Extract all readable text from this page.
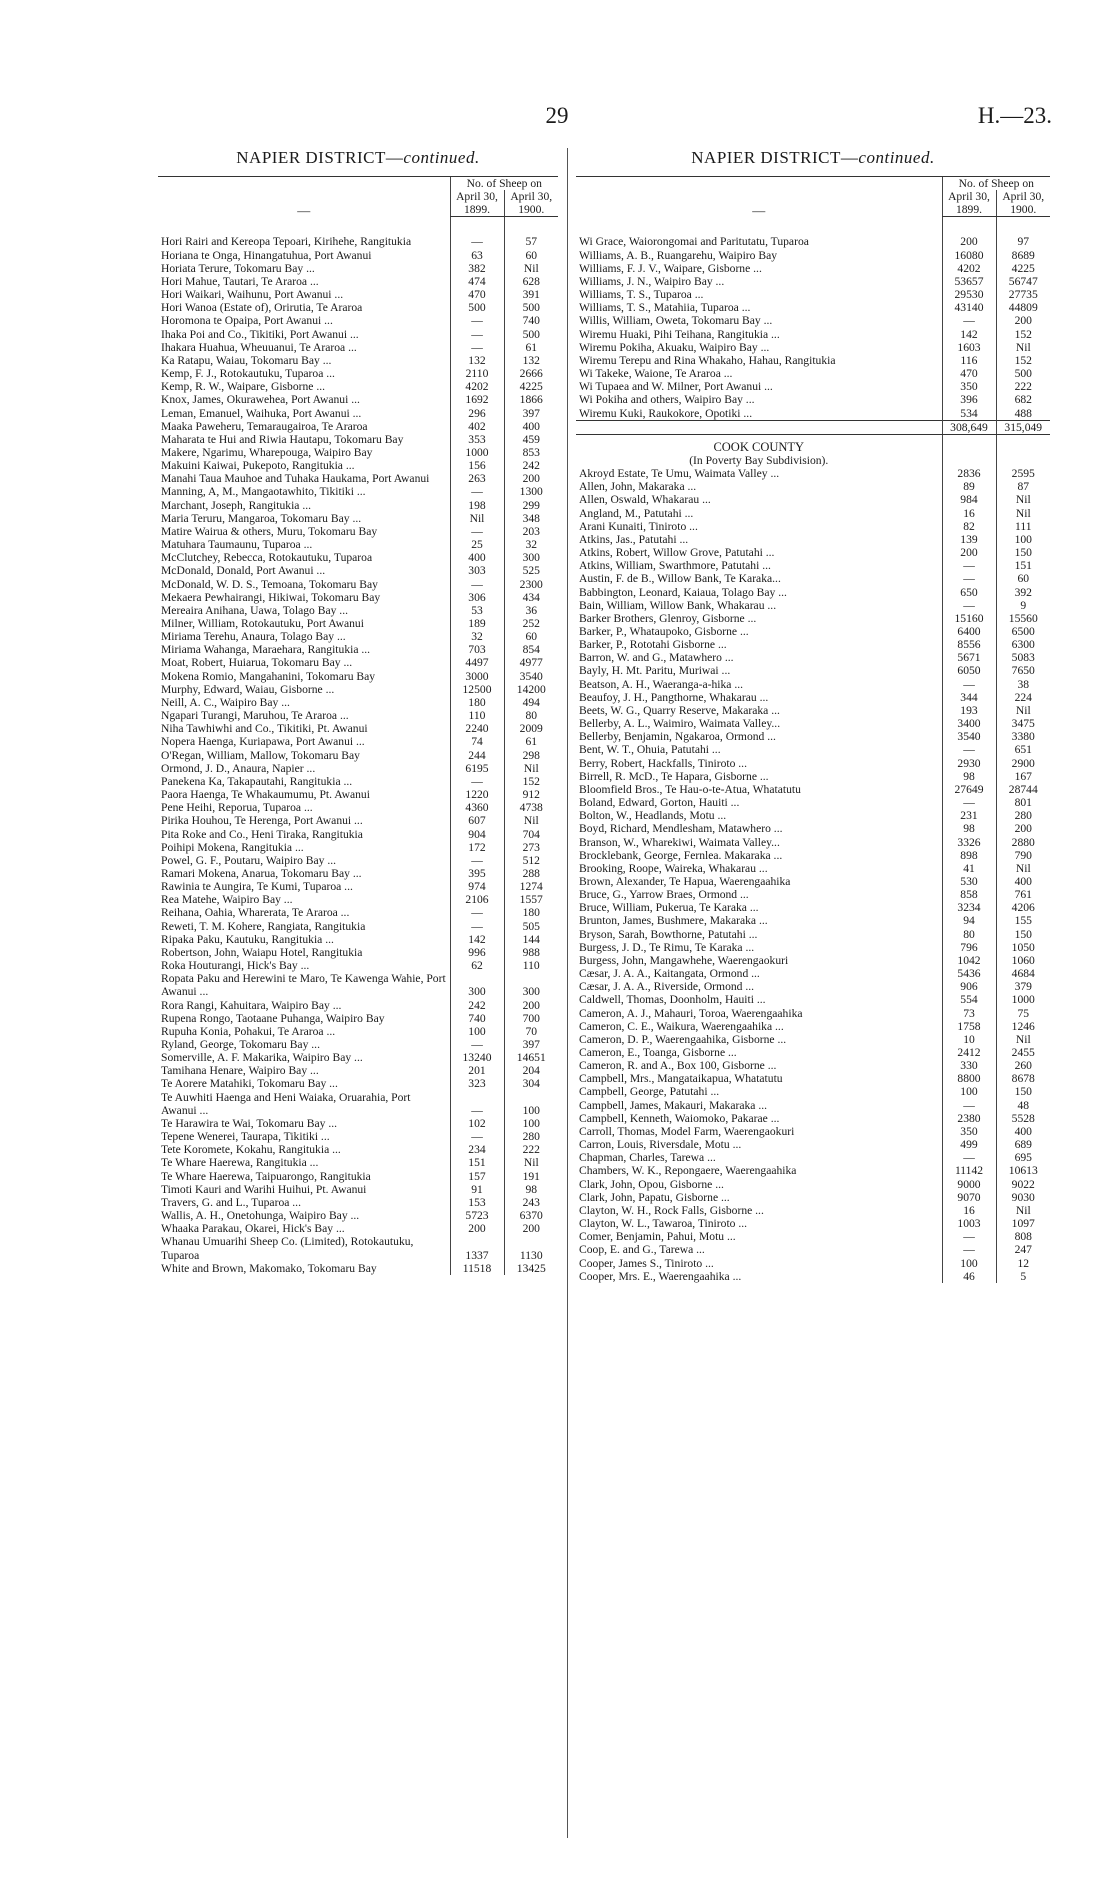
29	H.—23.
NAPIER DISTRICT—continued.
—	No. of Sheep on	
	April 30, 1899.	April 30, 1900.

Hori Rairi and Kereopa Tepoari, Kirihehe, Rangitukia	—	57
Horiana te Onga, Hinangatuhua, Port Awanui	63	60
Horiata Terure, Tokomaru Bay ...	382	Nil
Hori Mahue, Tautari, Te Araroa ...	474	628
Hori Waikari, Waihunu, Port Awanui ...	470	391
Hori Wanoa (Estate of), Orirutia, Te Araroa	500	500
Horomona te Opaipa, Port Awanui ...	—	740
Ihaka Poi and Co., Tikitiki, Port Awanui ...	—	500
Ihakara Huahua, Wheuuanui, Te Araroa ...	—	61
Ka Ratapu, Waiau, Tokomaru Bay ...	132	132
Kemp, F. J., Rotokautuku, Tuparoa ...	2110	2666
Kemp, R. W., Waipare, Gisborne ...	4202	4225
Knox, James, Okurawehea, Port Awanui ...	1692	1866
Leman, Emanuel, Waihuka, Port Awanui ...	296	397
Maaka Paweheru, Temaraugairoa, Te Araroa	402	400
Maharata te Hui and Riwia Hautapu, Tokomaru Bay	353	459
Makere, Ngarimu, Wharepouga, Waipiro Bay	1000	853
Makuini Kaiwai, Pukepoto, Rangitukia ...	156	242
Manahi Taua Mauhoe and Tuhaka Haukama, Port Awanui	263	200
Manning, A, M., Mangaotawhito, Tikitiki ...	—	1300
Marchant, Joseph, Rangitukia ...	198	299
Maria Teruru, Mangaroa, Tokomaru Bay ...	Nil	348
Matire Wairua & others, Muru, Tokomaru Bay	—	203
Matuhara Taumaunu, Tuparoa ...	25	32
McClutchey, Rebecca, Rotokautuku, Tuparoa	400	300
McDonald, Donald, Port Awanui ...	303	525
McDonald, W. D. S., Temoana, Tokomaru Bay	—	2300
Mekaera Pewhairangi, Hikiwai, Tokomaru Bay	306	434
Mereaira Anihana, Uawa, Tolago Bay ...	53	36
Milner, William, Rotokautuku, Port Awanui	189	252
Miriama Terehu, Anaura, Tolago Bay ...	32	60
Miriama Wahanga, Maraehara, Rangitukia ...	703	854
Moat, Robert, Huiarua, Tokomaru Bay ...	4497	4977
Mokena Romio, Mangahanini, Tokomaru Bay	3000	3540
Murphy, Edward, Waiau, Gisborne ...	12500	14200
Neill, A. C., Waipiro Bay ...	180	494
Ngapari Turangi, Maruhou, Te Araroa ...	110	80
Niha Tawhiwhi and Co., Tikitiki, Pt. Awanui	2240	2009
Nopera Haenga, Kuriapawa, Port Awanui ...	74	61
O'Regan, William, Mallow, Tokomaru Bay	244	298
Ormond, J. D., Anaura, Napier ...	6195	Nil
Panekena Ka, Takapautahi, Rangitukia ...	—	152
Paora Haenga, Te Whakaumumu, Pt. Awanui	1220	912
Pene Heihi, Reporua, Tuparoa ...	4360	4738
Pirika Houhou, Te Herenga, Port Awanui ...	607	Nil
Pita Roke and Co., Heni Tiraka, Rangitukia	904	704
Poihipi Mokena, Rangitukia ...	172	273
Powel, G. F., Poutaru, Waipiro Bay ...	—	512
Ramari Mokena, Anarua, Tokomaru Bay ...	395	288
Rawinia te Aungira, Te Kumi, Tuparoa ...	974	1274
Rea Matehe, Waipiro Bay ...	2106	1557
Reihana, Oahia, Wharerata, Te Araroa ...	—	180
Reweti, T. M. Kohere, Rangiata, Rangitukia	—	505
Ripaka Paku, Kautuku, Rangitukia ...	142	144
Robertson, John, Waiapu Hotel, Rangitukia	996	988
Roka Houturangi, Hick's Bay ...	62	110
Ropata Paku and Herewini te Maro, Te Kawenga Wahie, Port Awanui ...	300	300
Rora Rangi, Kahuitara, Waipiro Bay ...	242	200
Rupena Rongo, Taotaane Puhanga, Waipiro Bay	740	700
Rupuha Konia, Pohakui, Te Araroa ...	100	70
Ryland, George, Tokomaru Bay ...	—	397
Somerville, A. F. Makarika, Waipiro Bay ...	13240	14651
Tamihana Henare, Waipiro Bay ...	201	204
Te Aorere Matahiki, Tokomaru Bay ...	323	304
Te Auwhiti Haenga and Heni Waiaka, Oruarahia, Port Awanui ...	—	100
Te Harawira te Wai, Tokomaru Bay ...	102	100
Tepene Wenerei, Taurapa, Tikitiki ...	—	280
Tete Koromete, Kokahu, Rangitukia ...	234	222
Te Whare Haerewa, Rangitukia ...	151	Nil
Te Whare Haerewa, Taipuarongo, Rangitukia	157	191
Timoti Kauri and Warihi Huihui, Pt. Awanui	91	98
Travers, G. and L., Tuparoa ...	153	243
Wallis, A. H., Onetohunga, Waipiro Bay ...	5723	6370
Whaaka Parakau, Okarei, Hick's Bay ...	200	200
Whanau Umuarihi Sheep Co. (Limited), Rotokautuku, Tuparoa	1337	1130
White and Brown, Makomako, Tokomaru Bay	11518	13425
NAPIER DISTRICT—continued.
—	No. of Sheep on	
	April 30, 1899.	April 30, 1900.

Wi Grace, Waiorongomai and Paritutatu, Tuparoa	200	97
Williams, A. B., Ruangarehu, Waipiro Bay	16080	8689
Williams, F. J. V., Waipare, Gisborne ...	4202	4225
Williams, J. N., Waipiro Bay ...	53657	56747
Williams, T. S., Tuparoa ...	29530	27735
Williams, T. S., Matahiia, Tuparoa ...	43140	44809
Willis, William, Oweta, Tokomaru Bay ...	—	200
Wiremu Huaki, Pihi Teihana, Rangitukia ...	142	152
Wiremu Pokiha, Akuaku, Waipiro Bay ...	1603	Nil
Wiremu Terepu and Rina Whakaho, Hahau, Rangitukia	116	152
Wi Takeke, Waione, Te Araroa ...	470	500
Wi Tupaea and W. Milner, Port Awanui ...	350	222
Wi Pokiha and others, Waipiro Bay ...	396	682
Wiremu Kuki, Raukokore, Opotiki ...	534	488
	308,649	315,049
COOK COUNTY		
(In Poverty Bay Subdivision).		
Akroyd Estate, Te Umu, Waimata Valley ...	2836	2595
Allen, John, Makaraka ...	89	87
Allen, Oswald, Whakarau ...	984	Nil
Angland, M., Patutahi ...	16	Nil
Arani Kunaiti, Tiniroto ...	82	111
Atkins, Jas., Patutahi ...	139	100
Atkins, Robert, Willow Grove, Patutahi ...	200	150
Atkins, William, Swarthmore, Patutahi ...	—	151
Austin, F. de B., Willow Bank, Te Karaka...	—	60
Babbington, Leonard, Kaiaua, Tolago Bay ...	650	392
Bain, William, Willow Bank, Whakarau ...	—	9
Barker Brothers, Glenroy, Gisborne ...	15160	15560
Barker, P., Whataupoko, Gisborne ...	6400	6500
Barker, P., Rototahi Gisborne ...	8556	6300
Barron, W. and G., Matawhero ...	5671	5083
Bayly, H. Mt. Paritu, Muriwai ...	6050	7650
Beatson, A. H., Waeranga-a-hika ...	—	38
Beaufoy, J. H., Pangthorne, Whakarau ...	344	224
Beets, W. G., Quarry Reserve, Makaraka ...	193	Nil
Bellerby, A. L., Waimiro, Waimata Valley...	3400	3475
Bellerby, Benjamin, Ngakaroa, Ormond ...	3540	3380
Bent, W. T., Ohuia, Patutahi ...	—	651
Berry, Robert, Hackfalls, Tiniroto ...	2930	2900
Birrell, R. McD., Te Hapara, Gisborne ...	98	167
Bloomfield Bros., Te Hau-o-te-Atua, Whatatutu	27649	28744
Boland, Edward, Gorton, Hauiti ...	—	801
Bolton, W., Headlands, Motu ...	231	280
Boyd, Richard, Mendlesham, Matawhero ...	98	200
Branson, W., Wharekiwi, Waimata Valley...	3326	2880
Brocklebank, George, Fernlea. Makaraka ...	898	790
Brooking, Roope, Waireka, Whakarau ...	41	Nil
Brown, Alexander, Te Hapua, Waerengaahika	530	400
Bruce, G., Yarrow Braes, Ormond ...	858	761
Bruce, William, Pukerua, Te Karaka ...	3234	4206
Brunton, James, Bushmere, Makaraka ...	94	155
Bryson, Sarah, Bowthorne, Patutahi ...	80	150
Burgess, J. D., Te Rimu, Te Karaka ...	796	1050
Burgess, John, Mangawhehe, Waerengaokuri	1042	1060
Cæsar, J. A. A., Kaitangata, Ormond ...	5436	4684
Cæsar, J. A. A., Riverside, Ormond ...	906	379
Caldwell, Thomas, Doonholm, Hauiti ...	554	1000
Cameron, A. J., Mahauri, Toroa, Waerengaahika	73	75
Cameron, C. E., Waikura, Waerengaahika ...	1758	1246
Cameron, D. P., Waerengaahika, Gisborne ...	10	Nil
Cameron, E., Toanga, Gisborne ...	2412	2455
Cameron, R. and A., Box 100, Gisborne ...	330	260
Campbell, Mrs., Mangataikapua, Whatatutu	8800	8678
Campbell, George, Patutahi ...	100	150
Campbell, James, Makauri, Makaraka ...	—	48
Campbell, Kenneth, Waiomoko, Pakarae ...	2380	5528
Carroll, Thomas, Model Farm, Waerengaokuri	350	400
Carron, Louis, Riversdale, Motu ...	499	689
Chapman, Charles, Tarewa ...	—	695
Chambers, W. K., Repongaere, Waerengaahika	11142	10613
Clark, John, Opou, Gisborne ...	9000	9022
Clark, John, Papatu, Gisborne ...	9070	9030
Clayton, W. H., Rock Falls, Gisborne ...	16	Nil
Clayton, W. L., Tawaroa, Tiniroto ...	1003	1097
Comer, Benjamin, Pahui, Motu ...	—	808
Coop, E. and G., Tarewa ...	—	247
Cooper, James S., Tiniroto ...	100	12
Cooper, Mrs. E., Waerengaahika ...	46	5
